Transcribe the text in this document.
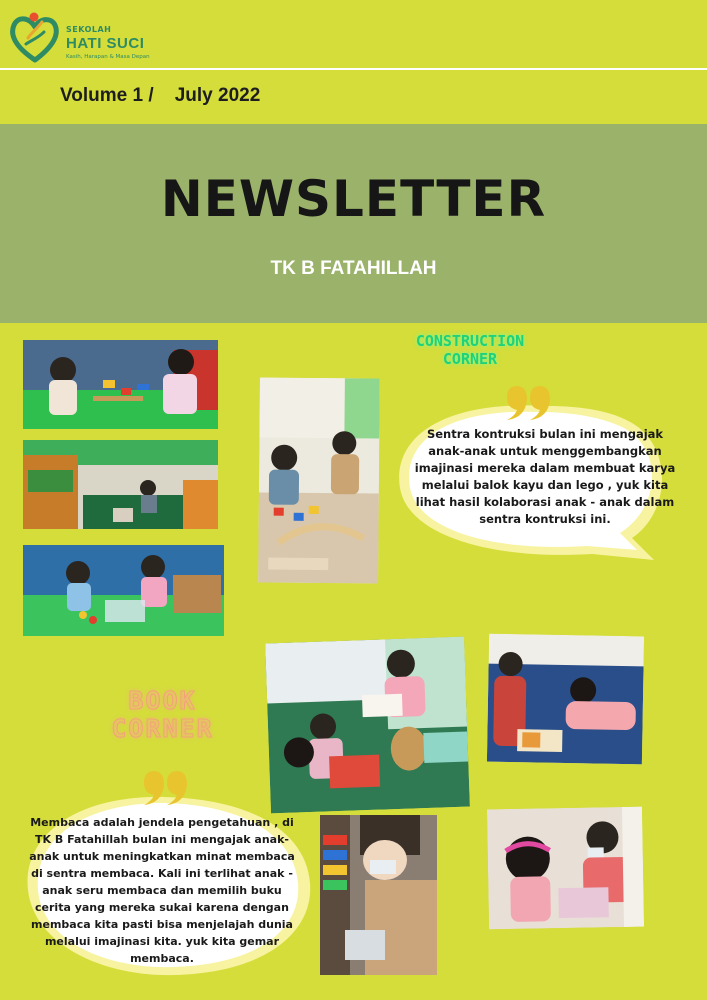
SEKOLAH
HATI SUCI
Kasih, Harapan & Masa Depan
Volume 1 /    July 2022
NEWSLETTER
TK B FATAHILLAH
CONSTRUCTION
CORNER
Sentra kontruksi bulan ini mengajak anak-anak untuk menggembangkan imajinasi mereka dalam membuat karya melalui balok kayu dan lego , yuk kita lihat hasil kolaborasi anak - anak dalam sentra kontruksi ini.
BOOK
CORNER
Membaca adalah jendela pengetahuan , di TK B Fatahillah bulan ini mengajak anak-anak untuk meningkatkan minat membaca di sentra membaca. Kali ini terlihat anak -anak seru membaca dan memilih buku cerita yang mereka sukai karena dengan membaca kita pasti bisa menjelajah dunia melalui imajinasi kita. yuk kita gemar membaca.
